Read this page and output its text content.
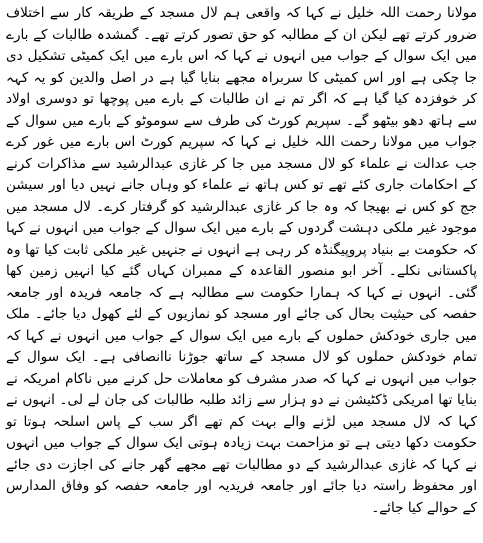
مولانا رحمت اللہ خلیل نے کہا کہ واقعی ہم لال مسجد کے طریقہ کار سے اختلاف ضرور کرتے تھے لیکن ان کے مطالبہ کو حق تصور کرتے تھے۔ گمشدہ طالبات کے بارے میں ایک سوال کے جواب میں انہوں نے کہا کہ اس بارے میں ایک کمیٹی تشکیل دی جا چکی ہے اور اس کمیٹی کا سربراہ مجھے بنایا گیا ہے در اصل والدین کو یہ کہہ کر خوفزدہ کیا گیا ہے کہ اگر تم نے ان طالبات کے بارے میں پوچھا تو دوسری اولاد سے ہاتھ دھو بیٹھو گے۔ سپریم کورٹ کی طرف سے سوموٹو کے بارے میں سوال کے جواب میں مولانا رحمت اللہ خلیل نے کہا کہ سپریم کورٹ اس بارے میں غور کرے جب عدالت نے علماء کو لال مسجد میں جا کر غازی عبدالرشید سے مذاکرات کرنے کے احکامات جاری کئے تھے تو کس ہاتھ نے علماء کو وہاں جانے نہیں دیا اور سیشن جج کو کس نے بھیجا کہ وہ جا کر غازی عبدالرشید کو گرفتار کرے۔ لال مسجد میں موجود غیر ملکی دہشت گردوں کے بارے میں ایک سوال کے جواب میں انہوں نے کہا کہ حکومت بے بنیاد پروپیگنڈہ کر رہی ہے انہوں نے جنہیں غیر ملکی ثابت کیا تھا وہ پاکستانی نکلے۔ آخر ابو منصور القاعدہ کے ممبران کہاں گئے کیا انہیں زمین کھا گئی۔ انہوں نے کہا کہ ہمارا حکومت سے مطالبہ ہے کہ جامعہ فریدہ اور جامعہ حفصہ کی حیثیت بحال کی جائے اور مسجد کو نمازیوں کے لئے کھول دیا جائے۔ ملک میں جاری خودکش حملوں کے بارے میں ایک سوال کے جواب میں انہوں نے کہا کہ تمام خودکش حملوں کو لال مسجد کے ساتھ جوڑنا ناانصافی ہے۔ ایک سوال کے جواب میں انہوں نے کہا کہ صدر مشرف کو معاملات حل کرنے میں ناکام امریکہ نے بنایا تھا امریکی ڈکٹیشن نے دو ہزار سے زائد طلبہ طالبات کی جان لے لی۔ انہوں نے کہا کہ لال مسجد میں لڑنے والے بہت کم تھے اگر سب کے پاس اسلحہ ہوتا تو حکومت دکھا دیتی ہے تو مزاحمت بہت زیادہ ہوتی ایک سوال کے جواب میں انہوں نے کہا کہ غازی عبدالرشید کے دو مطالبات تھے مجھے گھر جانے کی اجازت دی جائے اور محفوظ راستہ دیا جائے اور جامعہ فریدیہ اور جامعہ حفصہ کو وفاق المدارس کے حوالے کیا جائے۔
